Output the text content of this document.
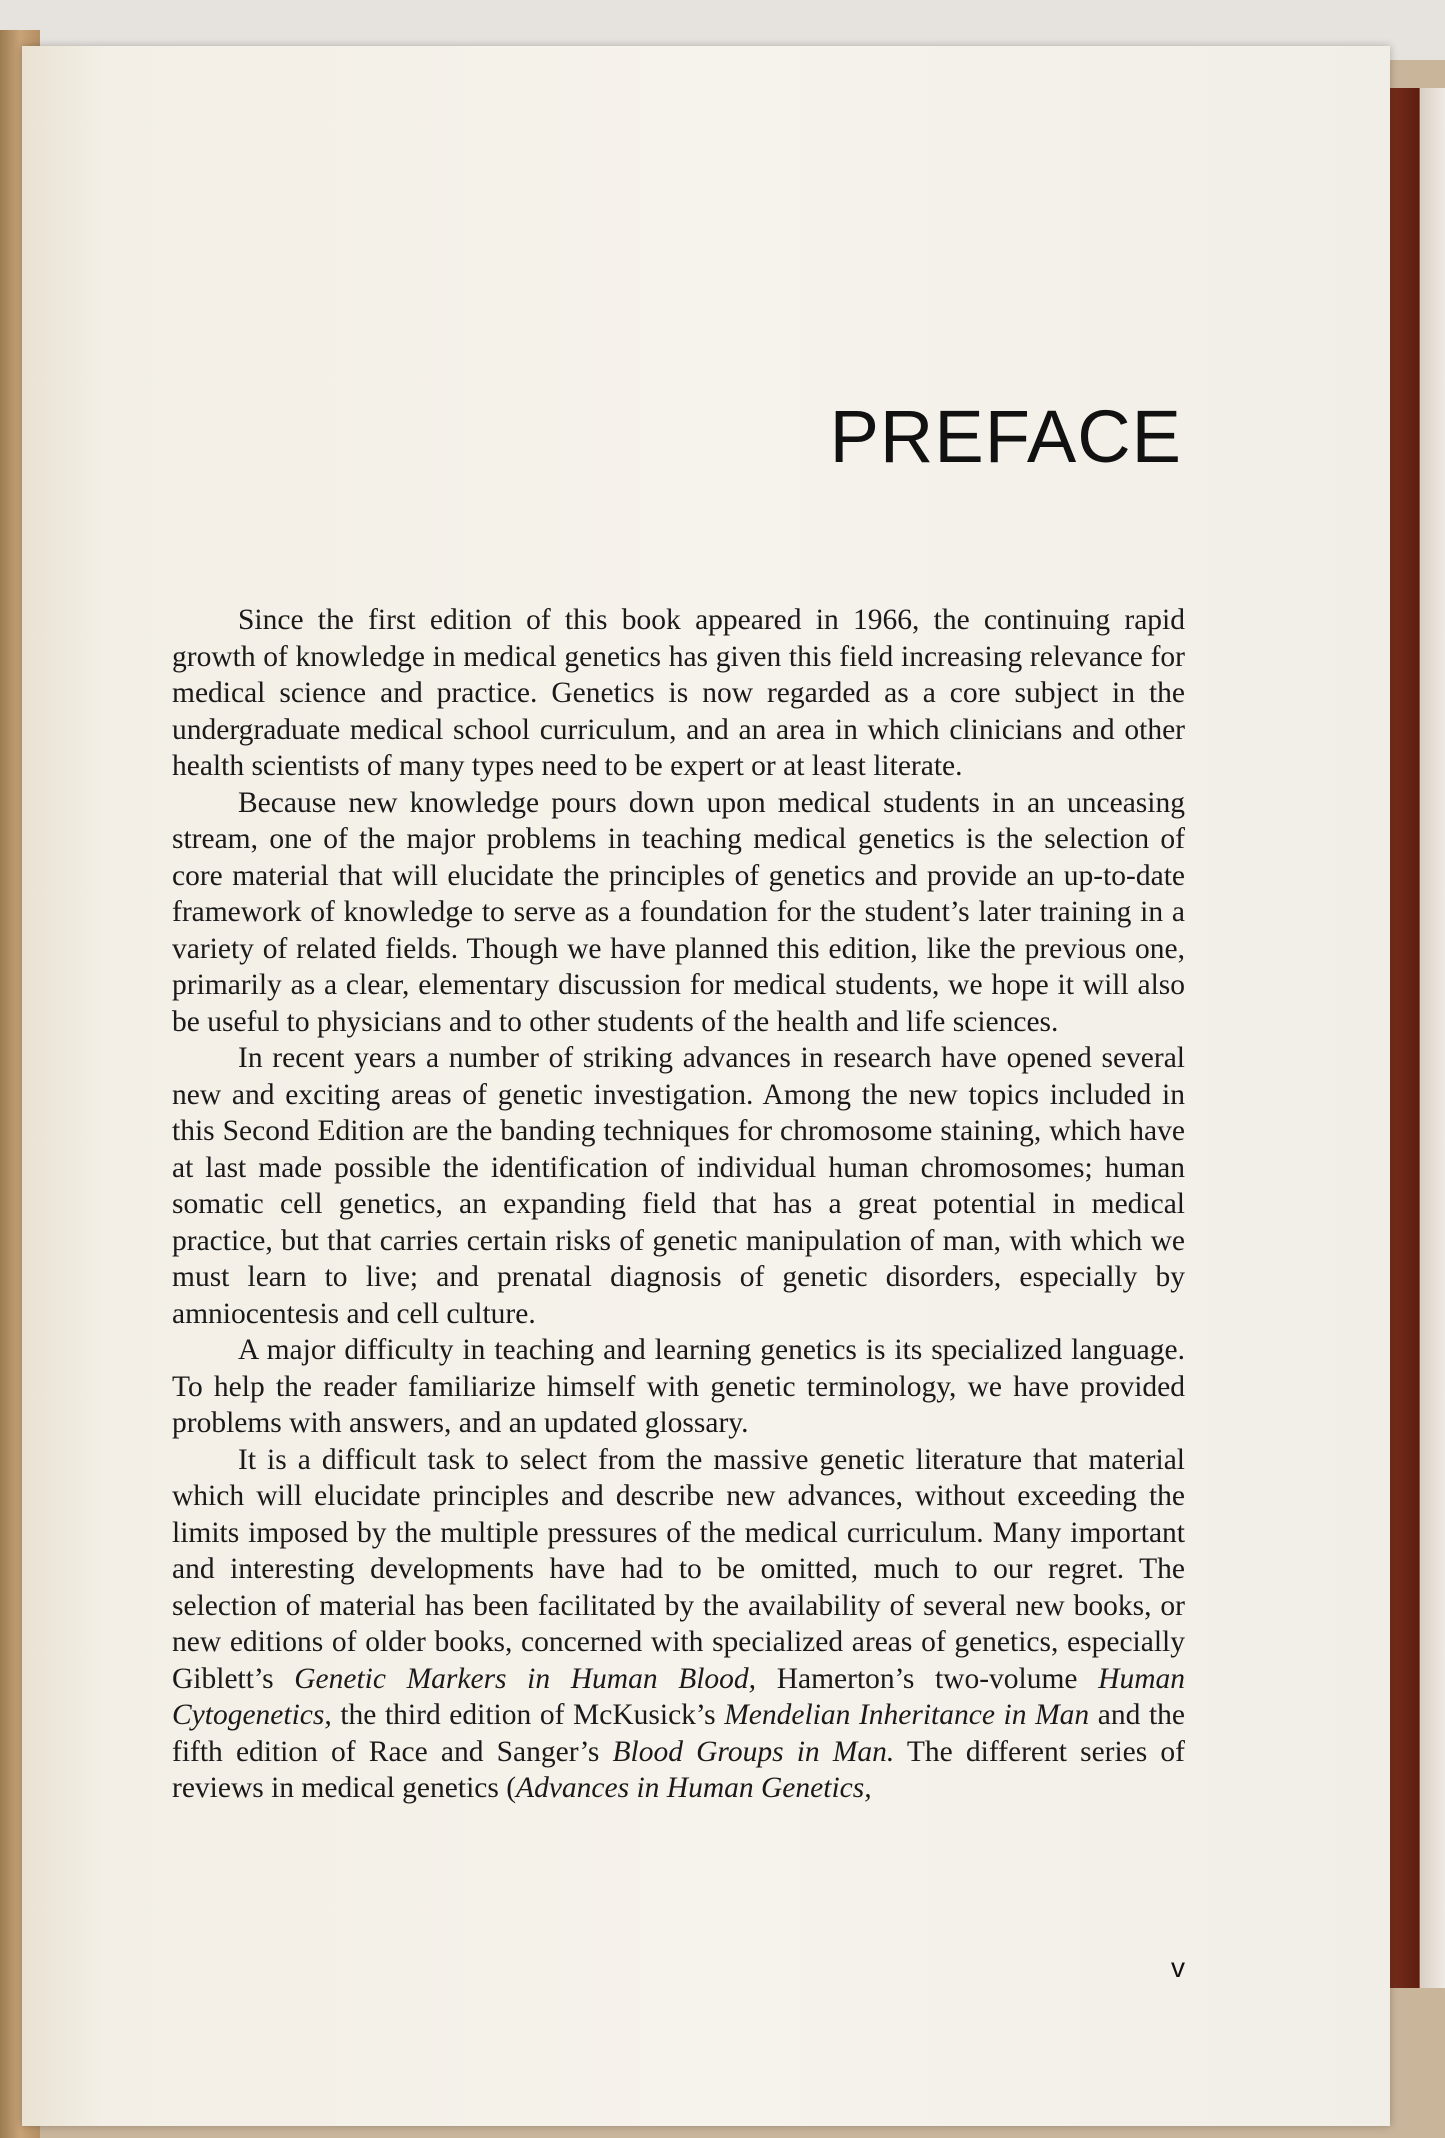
PREFACE

Since the first edition of this book appeared in 1966, the continuing rapid growth of knowledge in medical genetics has given this field increasing relevance for medical science and practice. Genetics is now regarded as a core subject in the undergraduate medical school curriculum, and an area in which clinicians and other health scientists of many types need to be expert or at least literate.

Because new knowledge pours down upon medical students in an unceasing stream, one of the major problems in teaching medical genetics is the selection of core material that will elucidate the principles of genetics and provide an up-to-date framework of knowledge to serve as a foundation for the student’s later training in a variety of related fields. Though we have planned this edition, like the previous one, primarily as a clear, elementary discussion for medical students, we hope it will also be useful to physicians and to other students of the health and life sciences.

In recent years a number of striking advances in research have opened several new and exciting areas of genetic investigation. Among the new topics included in this Second Edition are the banding techniques for chromosome staining, which have at last made possible the identification of individual human chromosomes; human somatic cell genetics, an expanding field that has a great potential in medical practice, but that carries certain risks of genetic manipulation of man, with which we must learn to live; and prenatal diagnosis of genetic disorders, especially by amniocentesis and cell culture.

A major difficulty in teaching and learning genetics is its specialized language. To help the reader familiarize himself with genetic terminology, we have provided problems with answers, and an updated glossary.

It is a difficult task to select from the massive genetic literature that material which will elucidate principles and describe new advances, without exceeding the limits imposed by the multiple pressures of the medical curriculum. Many important and interesting developments have had to be omitted, much to our regret. The selection of material has been facilitated by the availability of several new books, or new editions of older books, concerned with specialized areas of genetics, especially Giblett’s Genetic Markers in Human Blood, Hamerton’s two-volume Human Cytogenetics, the third edition of McKusick’s Mendelian Inheritance in Man and the fifth edition of Race and Sanger’s Blood Groups in Man. The different series of reviews in medical genetics (Advances in Human Genetics,

v
